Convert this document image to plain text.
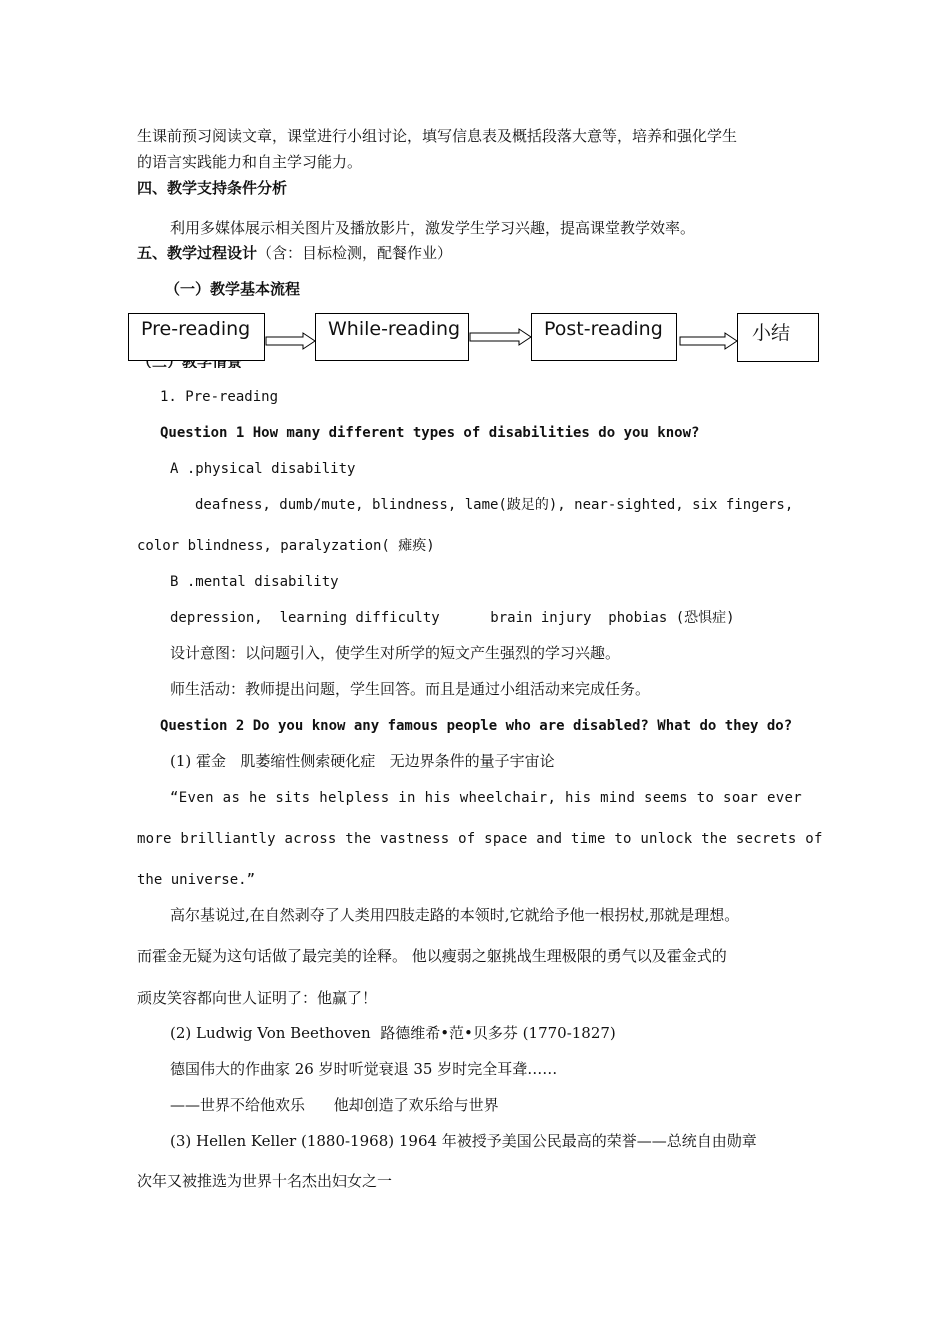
生课前预习阅读文章，课堂进行小组讨论，填写信息表及概括段落大意等，培养和强化学生
的语言实践能力和自主学习能力。
四、教学支持条件分析
利用多媒体展示相关图片及播放影片，激发学生学习兴趣，提高课堂教学效率。
五、教学过程设计（含：目标检测，配餐作业）
（一）教学基本流程
Pre-reading	While-reading	Post-reading	小结
1. Pre-reading
Question 1 How many different types of disabilities do you know?
A .physical disability
deafness, dumb/mute, blindness, lame(跛足的), near-sighted, six fingers,
color blindness, paralyzation( 瘫痪)
B .mental disability
depression,  learning difficulty      brain injury  phobias (恐惧症)
设计意图：以问题引入，使学生对所学的短文产生强烈的学习兴趣。
师生活动：教师提出问题，学生回答。而且是通过小组活动来完成任务。
Question 2 Do you know any famous people who are disabled? What do they do?
(1) 霍金   肌萎缩性侧索硬化症   无边界条件的量子宇宙论
“Even as he sits helpless in his wheelchair, his mind seems to soar ever
more brilliantly across the vastness of space and time to unlock the secrets of
the universe.”
高尔基说过,在自然剥夺了人类用四肢走路的本领时,它就给予他一根拐杖,那就是理想。
而霍金无疑为这句话做了最完美的诠释。 他以瘦弱之躯挑战生理极限的勇气以及霍金式的
顽皮笑容都向世人证明了：他赢了！
(2) Ludwig Von Beethoven  路德维希•范•贝多芬 (1770-1827)
德国伟大的作曲家 26 岁时听觉衰退 35 岁时完全耳聋……
——世界不给他欢乐      他却创造了欢乐给与世界
(3) Hellen Keller (1880-1968) 1964 年被授予美国公民最高的荣誉——总统自由勋章
次年又被推选为世界十名杰出妇女之一
